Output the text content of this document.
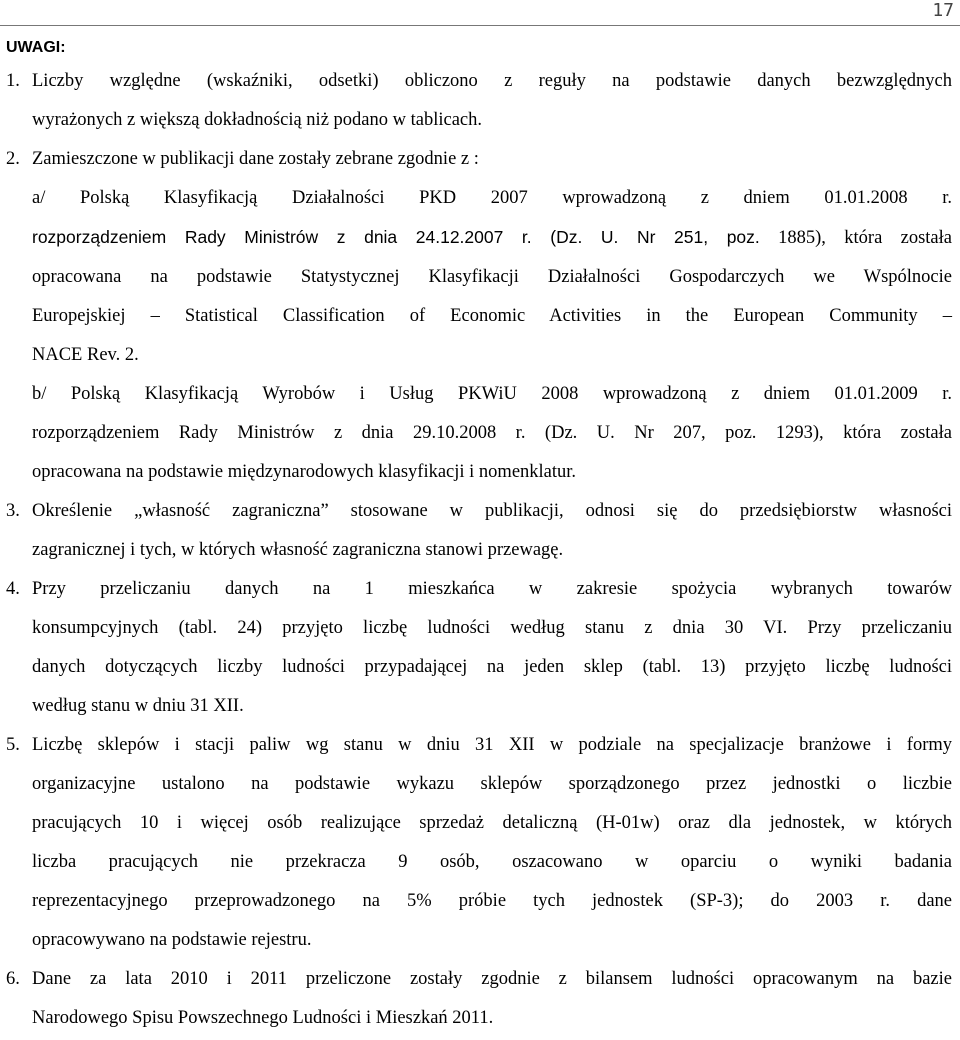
17
UWAGI:
1. Liczby względne (wskaźniki, odsetki) obliczono z reguły na podstawie danych bezwzględnych
wyrażonych z większą dokładnością niż podano w tablicach.
2. Zamieszczone w publikacji dane zostały zebrane zgodnie z :
a/ Polską Klasyfikacją Działalności PKD 2007 wprowadzoną z dniem 01.01.2008 r.
rozporządzeniem Rady Ministrów z dnia 24.12.2007 r. (Dz. U. Nr 251, poz. 1885), która została
opracowana na podstawie Statystycznej Klasyfikacji Działalności Gospodarczych we Wspólnocie
Europejskiej – Statistical Classification of Economic Activities in the European Community –
NACE Rev. 2.
b/ Polską Klasyfikacją Wyrobów i Usług PKWiU 2008 wprowadzoną z dniem 01.01.2009 r.
rozporządzeniem Rady Ministrów z dnia 29.10.2008 r. (Dz. U. Nr 207, poz. 1293), która została
opracowana na podstawie międzynarodowych klasyfikacji i nomenklatur.
3. Określenie „własność zagraniczna” stosowane w publikacji, odnosi się do przedsiębiorstw własności
zagranicznej i tych, w których własność zagraniczna stanowi przewagę.
4. Przy przeliczaniu danych na 1 mieszkańca w zakresie spożycia wybranych towarów
konsumpcyjnych (tabl. 24) przyjęto liczbę ludności według stanu z dnia 30 VI. Przy przeliczaniu
danych dotyczących liczby ludności przypadającej na jeden sklep (tabl. 13) przyjęto liczbę ludności
według stanu w dniu 31 XII.
5. Liczbę sklepów i stacji paliw wg stanu w dniu 31 XII w podziale na specjalizacje branżowe i formy
organizacyjne ustalono na podstawie wykazu sklepów sporządzonego przez jednostki o liczbie
pracujących 10 i więcej osób realizujące sprzedaż detaliczną (H-01w) oraz dla jednostek, w których
liczba pracujących nie przekracza 9 osób, oszacowano w oparciu o wyniki badania
reprezentacyjnego przeprowadzonego na 5% próbie tych jednostek (SP-3); do 2003 r. dane
opracowywano na podstawie rejestru.
6. Dane za lata 2010 i 2011 przeliczone zostały zgodnie z bilansem ludności opracowanym na bazie
Narodowego Spisu Powszechnego Ludności i Mieszkań 2011.
